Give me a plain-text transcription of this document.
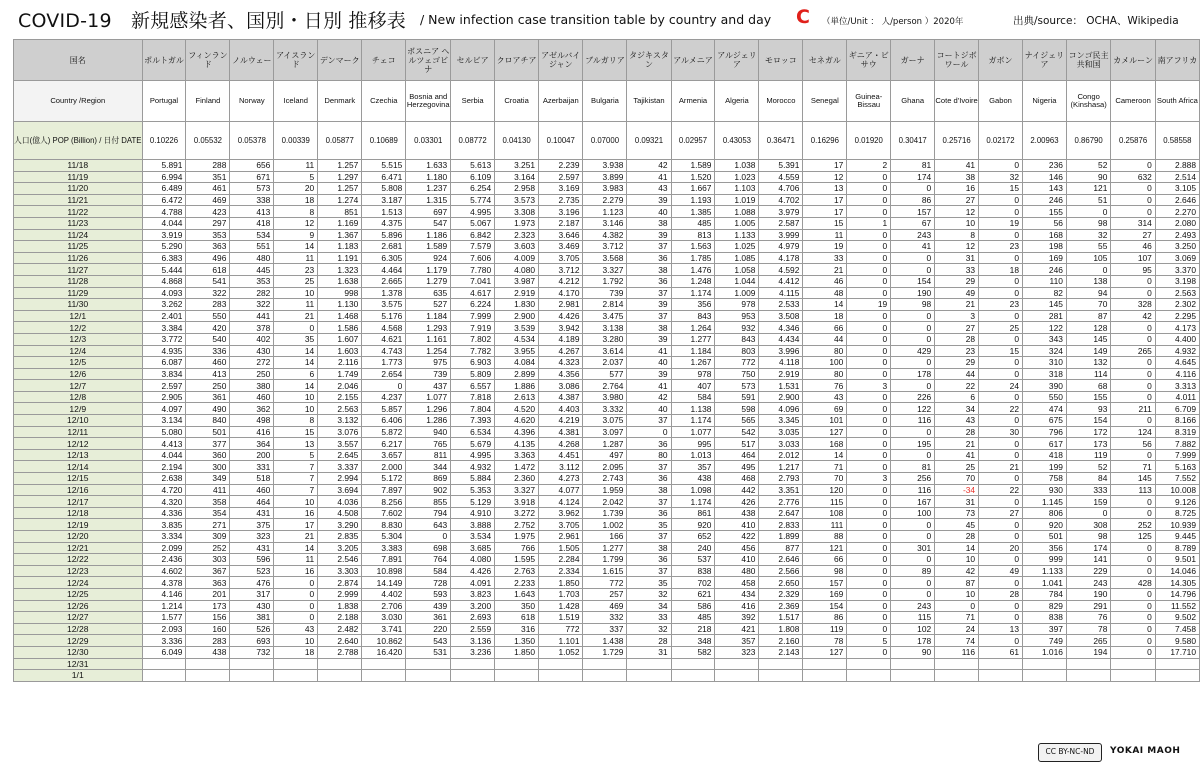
COVID-19　新規感染者、国別・日別 推移表 / New infection case transition table by country and day C （単位/Unit ： 人/person ）2020年	出典/source： OCHA、Wikipedia
国名	ポルトガル	フィンランド	ノルウェー	アイスランド	デンマーク	チェコ	ボスニア ヘルツェゴビナ	セルビア	クロアチア	アゼルバイジャン	ブルガリア	タジキスタン	アルメニア	アルジェリア	モロッコ	セネガル	ギニア・ビサウ	ガーナ	コートジボワール	ガボン	ナイジェリア	コンゴ民主共和国	カメルーン	南アフリカ
Country /Region	Portugal	Finland	Norway	Iceland	Denmark	Czechia	Bosnia and Herzegovina	Serbia	Croatia	Azerbaijan	Bulgaria	Tajikistan	Armenia	Algeria	Morocco	Senegal	Guinea-Bissau	Ghana	Cote d'Ivoire	Gabon	Nigeria	Congo (Kinshasa)	Cameroon	South Africa
人口(億人) POP (Billion) / 日付 DATE	0.10226	0.05532	0.05378	0.00339	0.05877	0.10689	0.03301	0.08772	0.04130	0.10047	0.07000	0.09321	0.02957	0.43053	0.36471	0.16296	0.01920	0.30417	0.25716	0.02172	2.00963	0.86790	0.25876	0.58558
11/18	5.891	288	656	11	1.257	5.515	1.633	5.613	3.251	2.239	3.938	42	1.589	1.038	5.391	17	2	81	41	0	236	52	0	2.888
11/19	6.994	351	671	5	1.297	6.471	1.180	6.109	3.164	2.597	3.899	41	1.520	1.023	4.559	12	0	174	38	32	146	90	632	2.514
11/20	6.489	461	573	20	1.257	5.808	1.237	6.254	2.958	3.169	3.983	43	1.667	1.103	4.706	13	0	0	16	15	143	121	0	3.105
11/21	6.472	469	338	18	1.274	3.187	1.315	5.774	3.573	2.735	2.279	39	1.193	1.019	4.702	17	0	86	27	0	246	51	0	2.646
11/22	4.788	423	413	8	851	1.513	697	4.995	3.308	3.196	1.123	40	1.385	1.088	3.979	17	0	157	12	0	155	0	0	2.270
11/23	4.044	297	418	12	1.169	4.375	547	5.067	1.973	2.187	3.146	38	485	1.005	2.587	15	1	67	10	19	56	98	314	2.080
11/24	3.919	353	534	9	1.367	5.896	1.186	6.842	2.323	3.646	4.382	39	813	1.133	3.999	11	0	243	8	0	168	32	27	2.493
11/25	5.290	363	551	14	1.183	2.681	1.589	7.579	3.603	3.469	3.712	37	1.563	1.025	4.979	19	0	41	12	23	198	55	46	3.250
11/26	6.383	496	480	11	1.191	6.305	924	7.606	4.009	3.705	3.568	36	1.785	1.085	4.178	33	0	0	31	0	169	105	107	3.069
11/27	5.444	618	445	23	1.323	4.464	1.179	7.780	4.080	3.712	3.327	38	1.476	1.058	4.592	21	0	0	33	18	246	0	95	3.370
11/28	4.868	541	353	25	1.638	2.665	1.279	7.041	3.987	4.212	1.792	36	1.248	1.044	4.412	46	0	154	29	0	110	138	0	3.198
11/29	4.093	322	282	10	998	1.378	635	4.617	2.919	4.170	739	37	1.174	1.009	4.115	48	0	190	49	0	82	94	0	2.563
11/30	3.262	283	322	11	1.130	3.575	527	6.224	1.830	2.981	2.814	39	356	978	2.533	14	19	98	21	23	145	70	328	2.302
12/1	2.401	550	441	21	1.468	5.176	1.184	7.999	2.900	4.426	3.475	37	843	953	3.508	18	0	0	3	0	281	87	42	2.295
12/2	3.384	420	378	0	1.586	4.568	1.293	7.919	3.539	3.942	3.138	38	1.264	932	4.346	66	0	0	27	25	122	128	0	4.173
12/3	3.772	540	402	35	1.607	4.621	1.161	7.802	4.534	4.189	3.280	39	1.277	843	4.434	44	0	0	28	0	343	145	0	4.400
12/4	4.935	336	430	14	1.603	4.743	1.254	7.782	3.955	4.267	3.614	41	1.184	803	3.996	80	0	429	23	15	324	149	265	4.932
12/5	6.087	460	272	14	2.116	1.773	975	6.903	4.084	4.323	2.037	40	1.267	772	4.118	100	0	0	29	0	310	132	0	4.645
12/6	3.834	413	250	6	1.749	2.654	739	5.809	2.899	4.356	577	39	978	750	2.919	80	0	178	44	0	318	114	0	4.116
12/7	2.597	250	380	14	2.046	0	437	6.557	1.886	3.086	2.764	41	407	573	1.531	76	3	0	22	24	390	68	0	3.313
12/8	2.905	361	460	10	2.155	4.237	1.077	7.818	2.613	4.387	3.980	42	584	591	2.900	43	0	226	6	0	550	155	0	4.011
12/9	4.097	490	362	10	2.563	5.857	1.296	7.804	4.520	4.403	3.332	40	1.138	598	4.096	69	0	122	34	22	474	93	211	6.709
12/10	3.134	840	498	8	3.132	6.406	1.286	7.393	4.620	4.219	3.075	37	1.174	565	3.345	101	0	116	43	0	675	154	0	8.166
12/11	5.080	501	416	15	3.076	5.872	940	6.534	4.396	4.381	3.097	0	1.077	542	3.035	127	0	0	28	30	796	172	124	8.319
12/12	4.413	377	364	13	3.557	6.217	765	5.679	4.135	4.268	1.287	36	995	517	3.033	168	0	195	21	0	617	173	56	7.882
12/13	4.044	360	200	5	2.645	3.657	811	4.995	3.363	4.451	497	80	1.013	464	2.012	14	0	0	41	0	418	119	0	7.999
12/14	2.194	300	331	7	3.337	2.000	344	4.932	1.472	3.112	2.095	37	357	495	1.217	71	0	81	25	21	199	52	71	5.163
12/15	2.638	349	518	7	2.994	5.172	869	5.884	2.360	4.273	2.743	36	438	468	2.793	70	3	256	70	0	758	84	145	7.552
12/16	4.720	411	460	7	3.694	7.897	902	5.353	3.327	4.077	1.959	38	1.098	442	3.351	120	0	116	-34	22	930	333	113	10.008
12/17	4.320	358	464	10	4.036	8.256	855	5.129	3.918	4.124	2.042	37	1.174	426	2.776	115	0	167	31	0	1.145	159	0	9.126
12/18	4.336	354	431	16	4.508	7.602	794	4.910	3.272	3.962	1.739	36	861	438	2.647	108	0	100	73	27	806	0	0	8.725
12/19	3.835	271	375	17	3.290	8.830	643	3.888	2.752	3.705	1.002	35	920	410	2.833	111	0	0	45	0	920	308	252	10.939
12/20	3.334	309	323	21	2.835	5.304	0	3.534	1.975	2.961	166	37	652	422	1.899	88	0	0	28	0	501	98	125	9.445
12/21	2.099	252	431	14	3.205	3.383	698	3.685	766	1.505	1.277	38	240	456	877	121	0	301	14	20	356	174	0	8.789
12/22	2.436	303	596	11	2.546	7.891	764	4.080	1.595	2.284	1.799	36	537	410	2.646	66	0	0	10	0	999	141	0	9.501
12/23	4.602	367	523	16	3.303	10.898	584	4.426	2.763	2.334	1.615	37	838	480	2.566	98	0	89	42	49	1.133	229	0	14.046
12/24	4.378	363	476	0	2.874	14.149	728	4.091	2.233	1.850	772	35	702	458	2.650	157	0	0	87	0	1.041	243	428	14.305
12/25	4.146	201	317	0	2.999	4.402	593	3.823	1.643	1.703	257	32	621	434	2.329	169	0	0	10	28	784	190	0	14.796
12/26	1.214	173	430	0	1.838	2.706	439	3.200	350	1.428	469	34	586	416	2.369	154	0	243	0	0	829	291	0	11.552
12/27	1.577	156	381	0	2.188	3.030	361	2.693	618	1.519	332	33	485	392	1.517	86	0	115	71	0	838	76	0	9.502
12/28	2.093	160	526	43	2.482	3.741	220	2.559	316	772	337	32	218	421	1.808	119	0	102	24	13	397	78	0	7.458
12/29	3.336	283	693	10	2.640	10.862	543	3.136	1.350	1.101	1.438	28	348	357	2.160	78	5	178	74	0	749	265	0	9.580
12/30	6.049	438	732	18	2.788	16.420	531	3.236	1.850	1.052	1.729	31	582	323	2.143	127	0	90	116	61	1.016	194	0	17.710
12/31																								
1/1																								
CC BY-NC-ND	YOKAI MAOH
